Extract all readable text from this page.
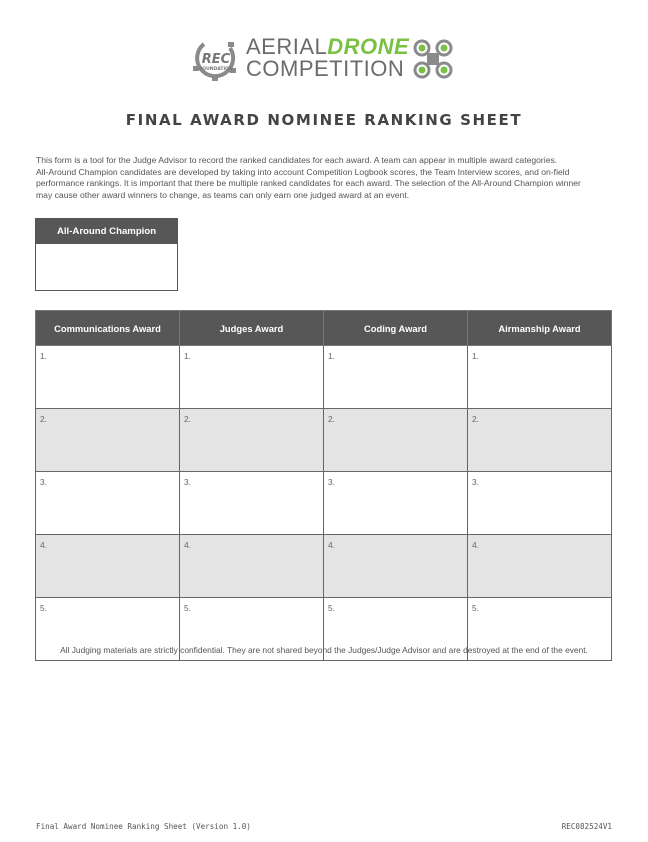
REC
FOUNDATION
AERIALDRONE
COMPETITION
FINAL AWARD NOMINEE RANKING SHEET

This form is a tool for the Judge Advisor to record the ranked candidates for each award. A team can appear in multiple award categories.

All-Around Champion candidates are developed by taking into account Competition Logbook scores, the Team Interview scores, and on-field performance rankings. It is important that there be multiple ranked candidates for each award. The selection of the All-Around Champion winner may cause other award winners to change, as teams can only earn one judged award at an event.

All-Around Champion
Communications Award	Judges Award	Coding Award	Airmanship Award
1.	1.	1.	1.
2.	2.	2.	2.
3.	3.	3.	3.
4.	4.	4.	4.
5.	5.	5.	5.
All Judging materials are strictly confidential. They are not shared beyond the Judges/Judge Advisor and are destroyed at the end of the event.
Final Award Nominee Ranking Sheet (Version 1.0)	REC082524V1
